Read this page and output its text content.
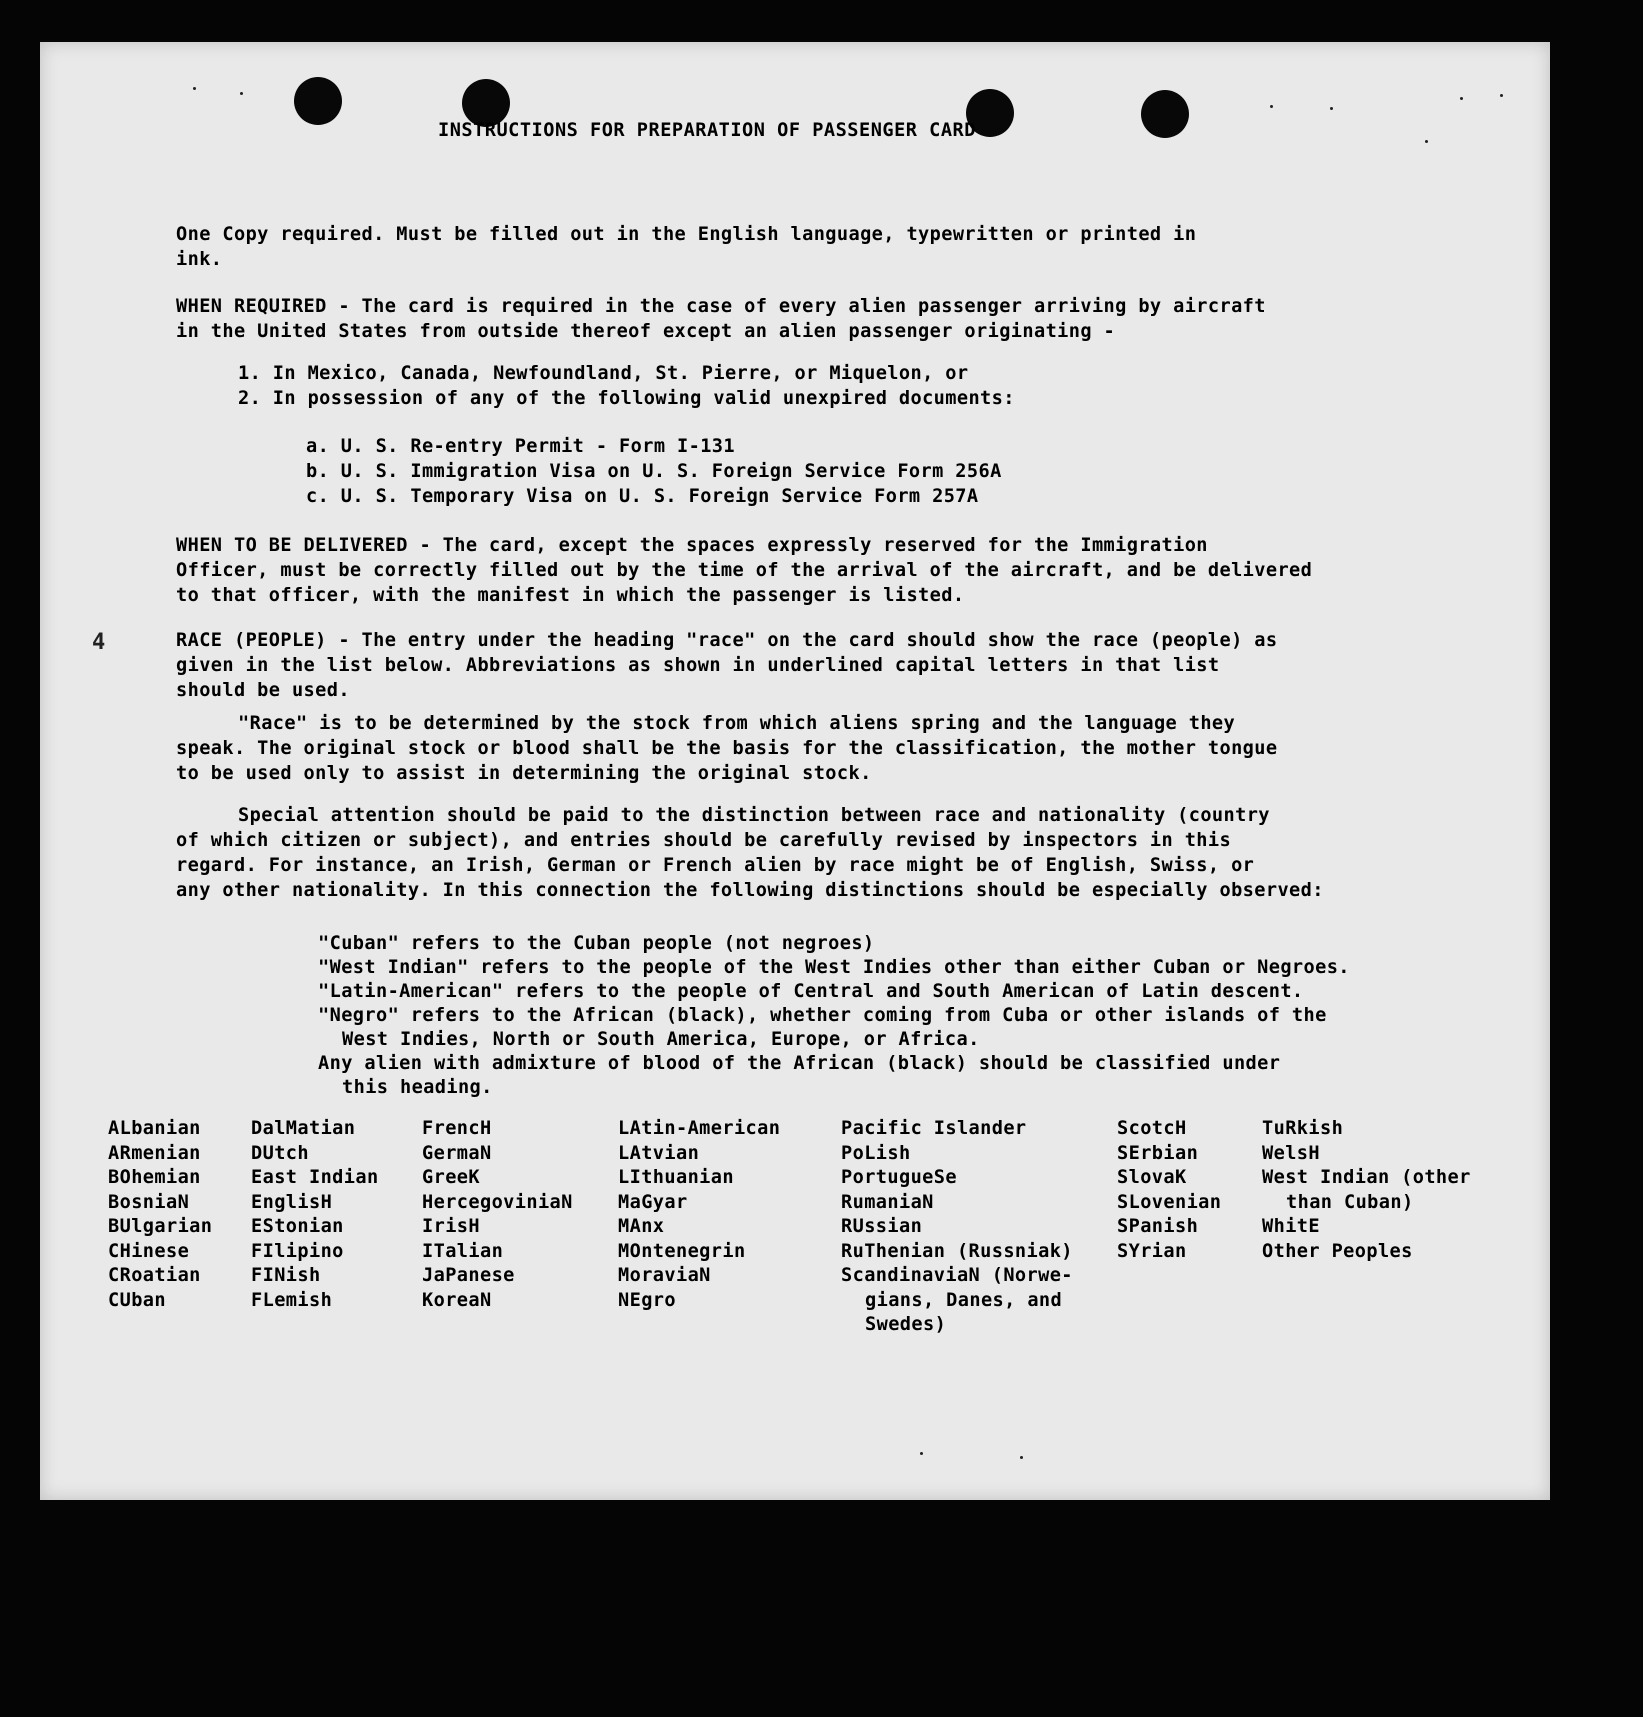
INSTRUCTIONS FOR PREPARATION OF PASSENGER CARD
One Copy required. Must be filled out in the English language, typewritten or printed in
ink.
WHEN REQUIRED - The card is required in the case of every alien passenger arriving by aircraft
in the United States from outside thereof except an alien passenger originating -
1. In Mexico, Canada, Newfoundland, St. Pierre, or Miquelon, or
2. In possession of any of the following valid unexpired documents:
a. U. S. Re-entry Permit - Form I-131
b. U. S. Immigration Visa on U. S. Foreign Service Form 256A
c. U. S. Temporary Visa on U. S. Foreign Service Form 257A
WHEN TO BE DELIVERED - The card, except the spaces expressly reserved for the Immigration
Officer, must be correctly filled out by the time of the arrival of the aircraft, and be delivered
to that officer, with the manifest in which the passenger is listed.
4	RACE (PEOPLE) - The entry under the heading "race" on the card should show the race (people) as
given in the list below. Abbreviations as shown in underlined capital letters in that list
should be used.
"Race" is to be determined by the stock from which aliens spring and the language they
speak. The original stock or blood shall be the basis for the classification, the mother tongue
to be used only to assist in determining the original stock.
Special attention should be paid to the distinction between race and nationality (country
of which citizen or subject), and entries should be carefully revised by inspectors in this
regard. For instance, an Irish, German or French alien by race might be of English, Swiss, or
any other nationality. In this connection the following distinctions should be especially observed:
"Cuban" refers to the Cuban people (not negroes)
"West Indian" refers to the people of the West Indies other than either Cuban or Negroes.
"Latin-American" refers to the people of Central and South American of Latin descent.
"Negro" refers to the African (black), whether coming from Cuba or other islands of the
West Indies, North or South America, Europe, or Africa.
Any alien with admixture of blood of the African (black) should be classified under
this heading.
ALbanian
ARmenian
BOhemian
BosniaN
BUlgarian
CHinese
CRoatian
CUban
DalMatian
DUtch
East Indian
EnglisH
EStonian
FIlipino
FINish
FLemish
FrencH
GermaN
GreeK
HercegoviniaN
IrisH
ITalian
JaPanese
KoreaN
LAtin-American
LAtvian
LIthuanian
MaGyar
MAnx
MOntenegrin
MoraviaN
NEgro
Pacific Islander
PoLish
PortugueSe
RumaniaN
RUssian
RuThenian (Russniak)
ScandinaviaN (Norwe-
gians, Danes, and
Swedes)
ScotcH
SErbian
SlovaK
SLovenian
SPanish
SYrian
TuRkish
WelsH
West Indian (other
than Cuban)
WhitE
Other Peoples
